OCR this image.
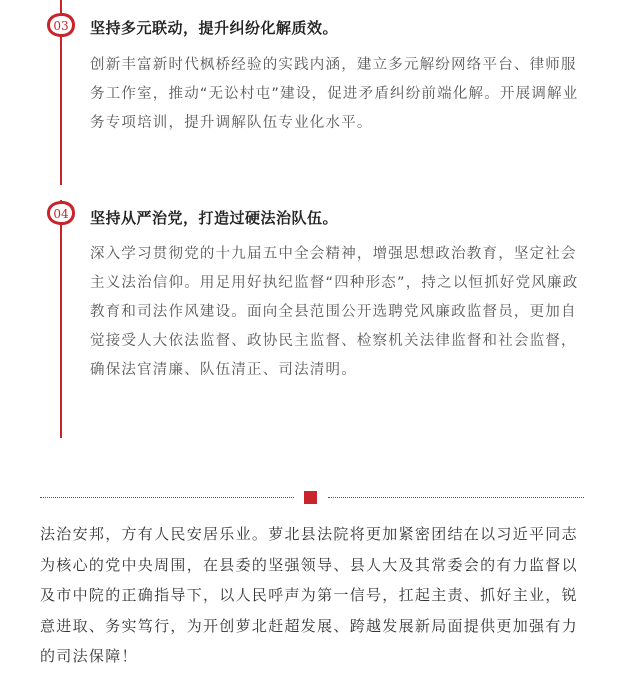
03 坚持多元联动，提升纠纷化解质效。
创新丰富新时代枫桥经验的实践内涵，建立多元解纷网络平台、律师服务工作室，推动“无讼村屯”建设，促进矛盾纠纷前端化解。开展调解业务专项培训，提升调解队伍专业化水平。
04 坚持从严治党，打造过硬法治队伍。
深入学习贯彻党的十九届五中全会精神，增强思想政治教育，坚定社会主义法治信仰。用足用好执纪监督“四种形态”，持之以恒抓好党风廉政教育和司法作风建设。面向全县范围公开选聘党风廉政监督员，更加自觉接受人大依法监督、政协民主监督、检察机关法律监督和社会监督，确保法官清廉、队伍清正、司法清明。
法治安邦，方有人民安居乐业。萝北县法院将更加紧密团结在以习近平同志为核心的党中央周围，在县委的坚强领导、县人大及其常委会的有力监督以及市中院的正确指导下，以人民呼声为第一信号，扛起主责、抓好主业，锐意进取、务实笃行，为开创萝北赶超发展、跨越发展新局面提供更加强有力的司法保障！
